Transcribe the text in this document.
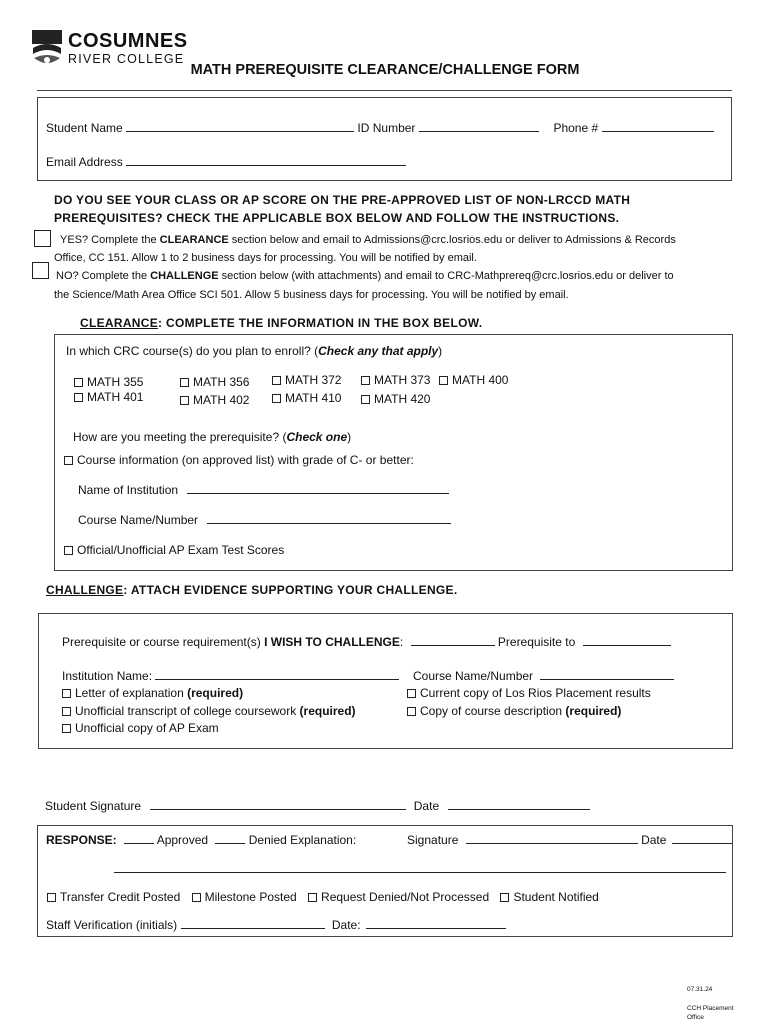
COSUMNES
RIVER COLLEGE
MATH PREREQUISITE CLEARANCE/CHALLENGE FORM
Student Name	ID Number	Phone #
Email Address
DO YOU SEE YOUR CLASS OR AP SCORE ON THE PRE-APPROVED LIST OF NON-LRCCD MATH
PREREQUISITES? CHECK THE APPLICABLE BOX BELOW AND FOLLOW THE INSTRUCTIONS.
YES? Complete the CLEARANCE section below and email to Admissions@crc.losrios.edu or deliver to Admissions & Records
Office, CC 151. Allow 1 to 2 business days for processing. You will be notified by email.
NO? Complete the CHALLENGE section below (with attachments) and email to CRC-Mathprereq@crc.losrios.edu or deliver to
the Science/Math Area Office SCI 501. Allow 5 business days for processing. You will be notified by email.
CLEARANCE: COMPLETE THE INFORMATION IN THE BOX BELOW.
In which CRC course(s) do you plan to enroll? (Check any that apply)
MATH 355
MATH 401
MATH 356
MATH 402
MATH 372
MATH 410
MATH 373
MATH 420
MATH 400
How are you meeting the prerequisite? (Check one)
Course information (on approved list) with grade of C- or better:
Name of Institution
Course Name/Number
Official/Unofficial AP Exam Test Scores
CHALLENGE: ATTACH EVIDENCE SUPPORTING YOUR CHALLENGE.
Prerequisite or course requirement(s) I WISH TO CHALLENGE:	Prerequisite to
Institution Name:	Course Name/Number
Letter of explanation (required)
Unofficial transcript of college coursework (required)
Unofficial copy of AP Exam
Current copy of Los Rios Placement results
Copy of course description (required)
Student Signature	Date
RESPONSE:	Approved	Denied Explanation:	Signature	Date
Transfer Credit Posted Milestone Posted Request Denied/Not Processed Student Notified
Staff Verification (initials)	Date:
07.31.24
CCH Placement
Office
